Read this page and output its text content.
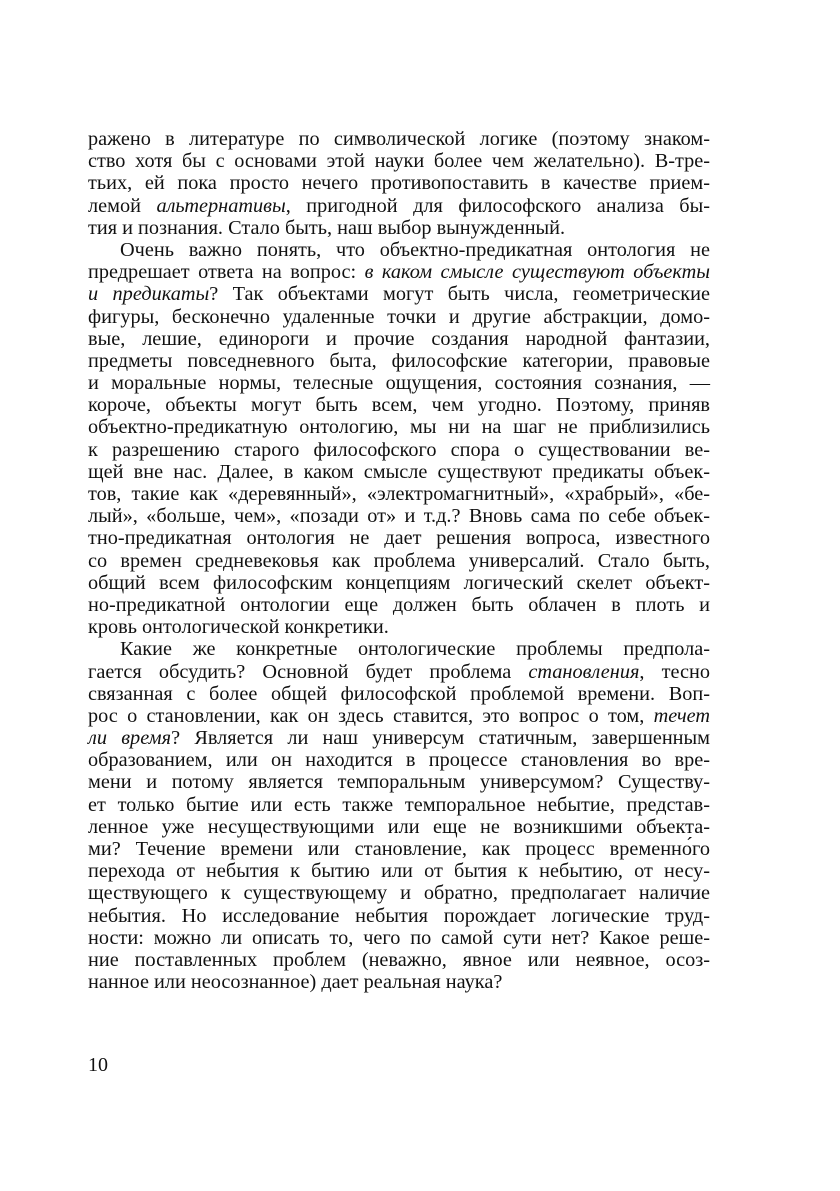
ражено в литературе по символической логике (поэтому знаком-
ство хотя бы с основами этой науки более чем желательно). В-тре-
тьих, ей пока просто нечего противопоставить в качестве прием-
лемой альтернативы, пригодной для философского анализа бы-
тия и познания. Стало быть, наш выбор вынужденный.
Очень важно понять, что объектно-предикатная онтология не
предрешает ответа на вопрос: в каком смысле существуют объекты
и предикаты? Так объектами могут быть числа, геометрические
фигуры, бесконечно удаленные точки и другие абстракции, домо-
вые, лешие, единороги и прочие создания народной фантазии,
предметы повседневного быта, философские категории, правовые
и моральные нормы, телесные ощущения, состояния сознания, —
короче, объекты могут быть всем, чем угодно. Поэтому, приняв
объектно-предикатную онтологию, мы ни на шаг не приблизились
к разрешению старого философского спора о существовании ве-
щей вне нас. Далее, в каком смысле существуют предикаты объек-
тов, такие как «деревянный», «электромагнитный», «храбрый», «бе-
лый», «больше, чем», «позади от» и т.д.? Вновь сама по себе объек-
тно-предикатная онтология не дает решения вопроса, известного
со времен средневековья как проблема универсалий. Стало быть,
общий всем философским концепциям логический скелет объект-
но-предикатной онтологии еще должен быть облачен в плоть и
кровь онтологической конкретики.
Какие же конкретные онтологические проблемы предпола-
гается обсудить? Основной будет проблема становления, тесно
связанная с более общей философской проблемой времени. Воп-
рос о становлении, как он здесь ставится, это вопрос о том, течет
ли время? Является ли наш универсум статичным, завершенным
образованием, или он находится в процессе становления во вре-
мени и потому является темпоральным универсумом? Существу-
ет только бытие или есть также темпоральное небытие, представ-
ленное уже несуществующими или еще не возникшими объекта-
ми? Течение времени или становление, как процесс временно́го
перехода от небытия к бытию или от бытия к небытию, от несу-
ществующего к существующему и обратно, предполагает наличие
небытия. Но исследование небытия порождает логические труд-
ности: можно ли описать то, чего по самой сути нет? Какое реше-
ние поставленных проблем (неважно, явное или неявное, осоз-
нанное или неосознанное) дает реальная наука?
10
